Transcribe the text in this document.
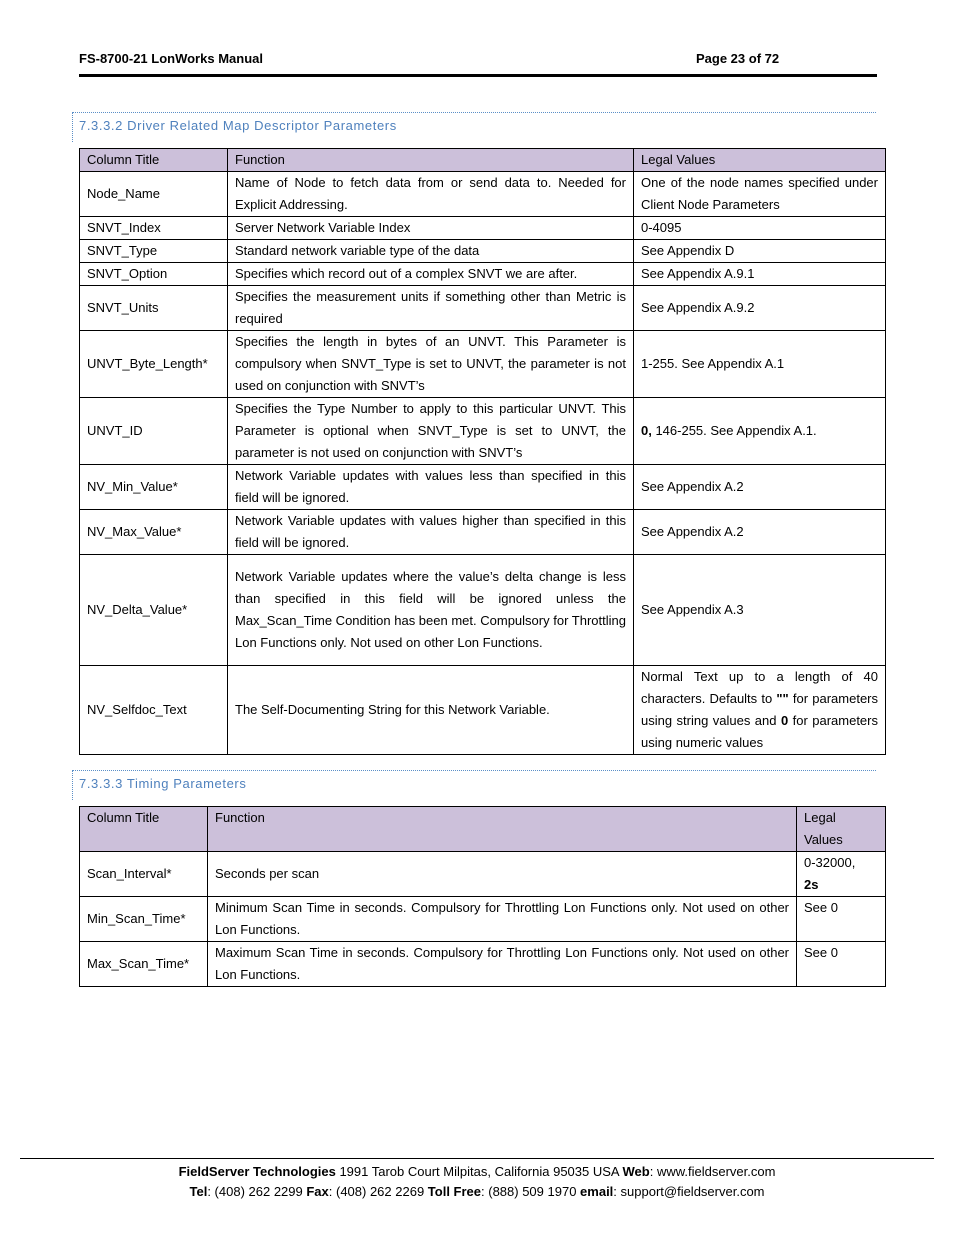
FS-8700-21 LonWorks Manual	Page 23 of 72
7.3.3.2 Driver Related Map Descriptor Parameters
Column Title	Function	Legal Values
Node_Name	Name of Node to fetch data from or send data to. Needed for Explicit Addressing.	One of the node names specified under Client Node Parameters
SNVT_Index	Server Network Variable Index	0-4095
SNVT_Type	Standard network variable type of the data	See Appendix D
SNVT_Option	Specifies which record out of a complex SNVT we are after.	See Appendix A.9.1
SNVT_Units	Specifies the measurement units if something other than Metric is required	See Appendix A.9.2
UNVT_Byte_Length*	Specifies the length in bytes of an UNVT. This Parameter is compulsory when SNVT_Type is set to UNVT, the parameter is not used on conjunction with SNVT’s	1-255. See Appendix A.1
UNVT_ID	Specifies the Type Number to apply to this particular UNVT. This Parameter is optional when SNVT_Type is set to UNVT, the parameter is not used on conjunction with SNVT’s	0, 146-255. See Appendix A.1.
NV_Min_Value*	Network Variable updates with values less than specified in this field will be ignored.	See Appendix A.2
NV_Max_Value*	Network Variable updates with values higher than specified in this field will be ignored.	See Appendix A.2
NV_Delta_Value*	Network Variable updates where the value’s delta change is less than specified in this field will be ignored unless the Max_Scan_Time Condition has been met. Compulsory for Throttling Lon Functions only. Not used on other Lon Functions.	See Appendix A.3
NV_Selfdoc_Text	The Self-Documenting String for this Network Variable.	Normal Text up to a length of 40 characters. Defaults to "" for parameters using string values and 0 for parameters using numeric values
7.3.3.3 Timing Parameters
Column Title	Function	Legal Values
Scan_Interval*	Seconds per scan	0-32000,
2s
Min_Scan_Time*	Minimum Scan Time in seconds. Compulsory for Throttling Lon Functions only. Not used on other Lon Functions.	See 0
Max_Scan_Time*	Maximum Scan Time in seconds. Compulsory for Throttling Lon Functions only. Not used on other Lon Functions.	See 0
FieldServer Technologies 1991 Tarob Court Milpitas, California 95035 USA Web: www.fieldserver.com
Tel: (408) 262 2299 Fax: (408) 262 2269 Toll Free: (888) 509 1970 email: support@fieldserver.com
